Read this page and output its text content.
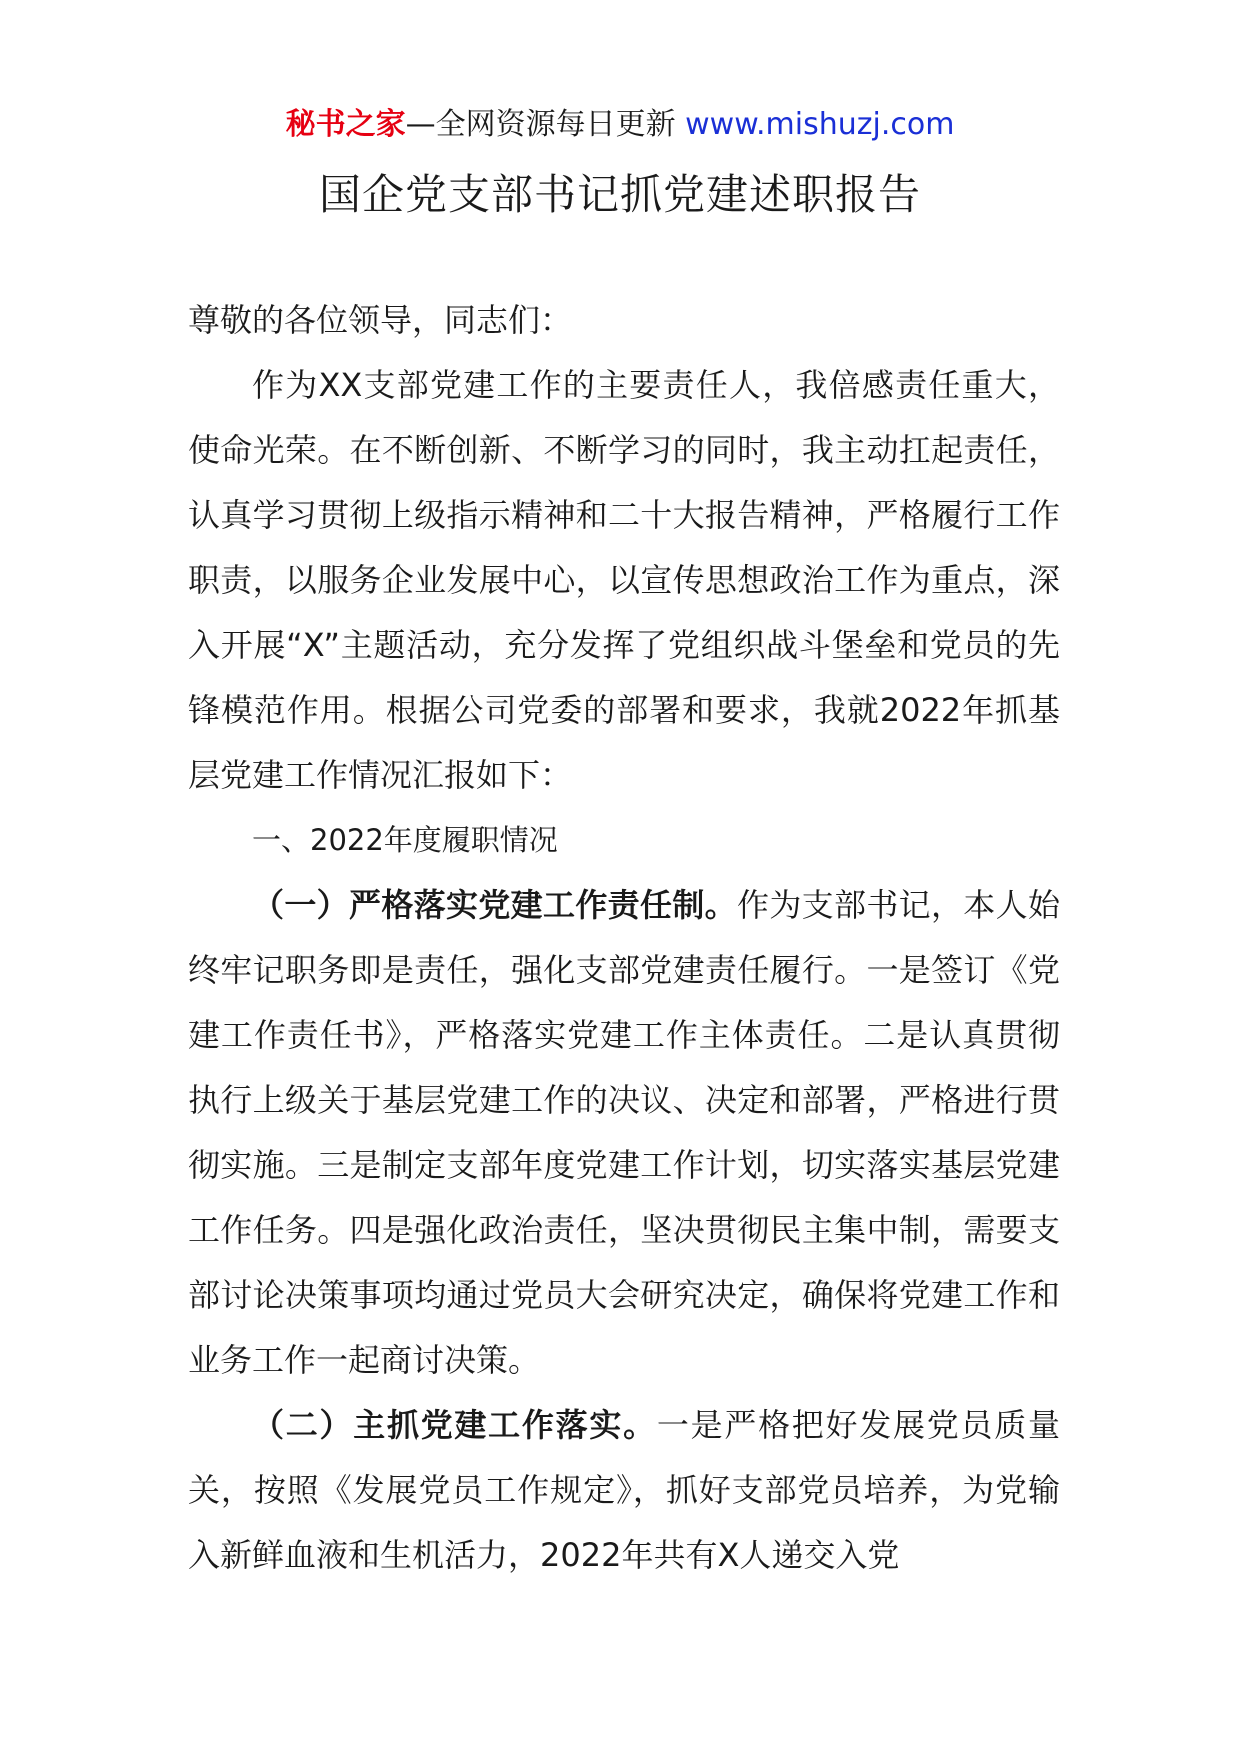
秘书之家—全网资源每日更新 www.mishuzj.com
国企党支部书记抓党建述职报告

尊敬的各位领导，同志们：

作为XX支部党建工作的主要责任人，我倍感责任重大，使命光荣。在不断创新、不断学习的同时，我主动扛起责任，认真学习贯彻上级指示精神和二十大报告精神，严格履行工作职责，以服务企业发展中心，以宣传思想政治工作为重点，深入开展“X”主题活动，充分发挥了党组织战斗堡垒和党员的先锋模范作用。根据公司党委的部署和要求，我就2022年抓基层党建工作情况汇报如下：

一、2022年度履职情况

（一）严格落实党建工作责任制。作为支部书记，本人始终牢记职务即是责任，强化支部党建责任履行。一是签订《党建工作责任书》，严格落实党建工作主体责任。二是认真贯彻执行上级关于基层党建工作的决议、决定和部署，严格进行贯彻实施。三是制定支部年度党建工作计划，切实落实基层党建工作任务。四是强化政治责任，坚决贯彻民主集中制，需要支部讨论决策事项均通过党员大会研究决定，确保将党建工作和业务工作一起商讨决策。

（二）主抓党建工作落实。一是严格把好发展党员质量关，按照《发展党员工作规定》，抓好支部党员培养，为党输入新鲜血液和生机活力，2022年共有X人递交入党
